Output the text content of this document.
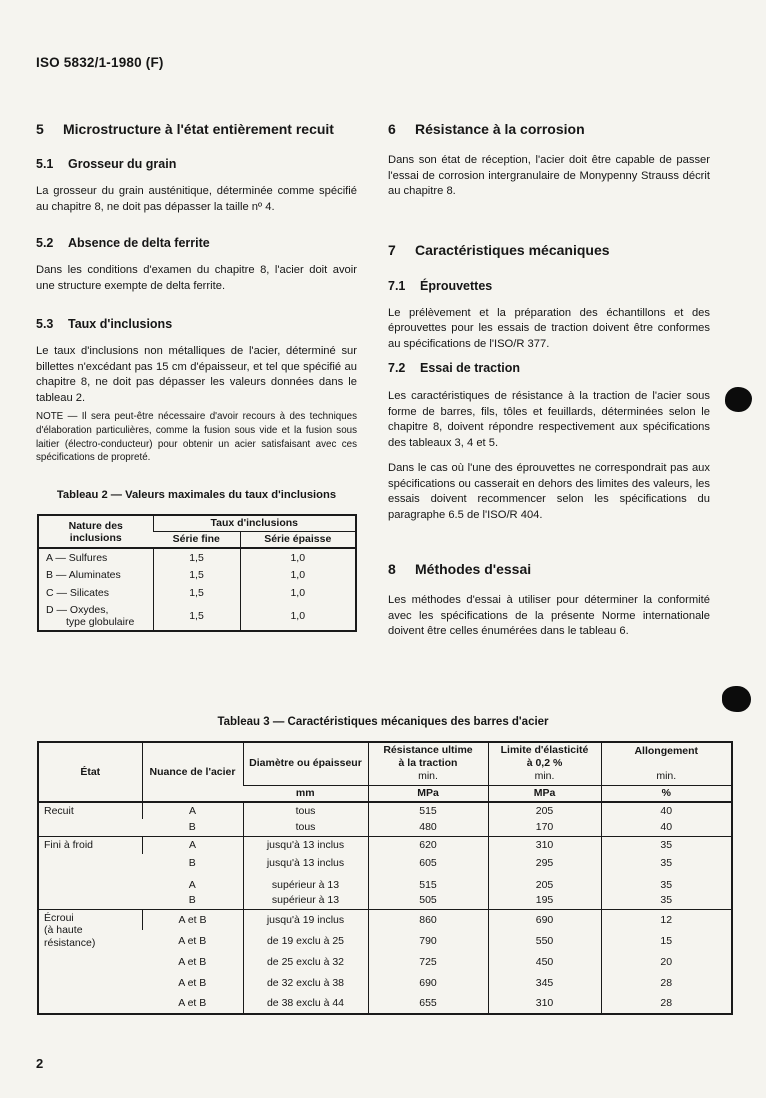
ISO 5832/1-1980 (F)
5 Microstructure à l'état entièrement recuit
5.1 Grosseur du grain

La grosseur du grain austénitique, déterminée comme spécifié au chapitre 8, ne doit pas dépasser la taille nº 4.

5.2 Absence de delta ferrite

Dans les conditions d'examen du chapitre 8, l'acier doit avoir une structure exempte de delta ferrite.

5.3 Taux d'inclusions

Le taux d'inclusions non métalliques de l'acier, déterminé sur billettes n'excédant pas 15 cm d'épaisseur, et tel que spécifié au chapitre 8, ne doit pas dépasser les valeurs données dans le tableau 2.

NOTE — Il sera peut-être nécessaire d'avoir recours à des techniques d'élaboration particulières, comme la fusion sous vide et la fusion sous laitier (électro-conducteur) pour obtenir un acier satisfaisant avec ces spécifications de propreté.

Tableau 2 — Valeurs maximales du taux d'inclusions
Nature des inclusions	Taux d'inclusions	
	Série fine	Série épaisse
A — Sulfures	1,5	1,0
B — Aluminates	1,5	1,0
C — Silicates	1,5	1,0

D — Oxydes,
type globulaire	1,5	1,0
6 Résistance à la corrosion

Dans son état de réception, l'acier doit être capable de passer l'essai de corrosion intergranulaire de Monypenny Strauss décrit au chapitre 8.

7 Caractéristiques mécaniques
7.1 Éprouvettes

Le prélèvement et la préparation des échantillons et des éprouvettes pour les essais de traction doivent être conformes au spécifications de l'ISO/R 377.

7.2 Essai de traction

Les caractéristiques de résistance à la traction de l'acier sous forme de barres, fils, tôles et feuillards, déterminées selon le chapitre 8, doivent répondre respectivement aux spécifications des tableaux 3, 4 et 5.

Dans le cas où l'une des éprouvettes ne correspondrait pas aux spécifications ou casserait en dehors des limites des valeurs, les essais doivent recommencer selon les spécifications du paragraphe 6.5 de l'ISO/R 404.

8 Méthodes d'essai

Les méthodes d'essai à utiliser pour déterminer la conformité avec les spécifications de la présente Norme internationale doivent être celles énumérées dans le tableau 6.

Tableau 3 — Caractéristiques mécaniques des barres d'acier
État	Nuance de l'acier	Diamètre ou épaisseur	Résistance ultime
à la traction
min.	Limite d'élasticité
à 0,2 %
min.	Allongement
min.

		mm	MPa	MPa	%

Recuit	A	tous	515	205	40
	B	tous	480	170	40

Fini à froid	A	jusqu'à 13 inclus	620	310	35
	B	jusqu'à 13 inclus	605	295	35
	A	supérieur à 13	515	205	35
	B	supérieur à 13	505	195	35

Écroui
(à haute résistance)	A et B	jusqu'à 19 inclus	860	690	12
	A et B	de 19 exclu à 25	790	550	15
	A et B	de 25 exclu à 32	725	450	20
	A et B	de 32 exclu à 38	690	345	28
	A et B	de 38 exclu à 44	655	310	28
2
